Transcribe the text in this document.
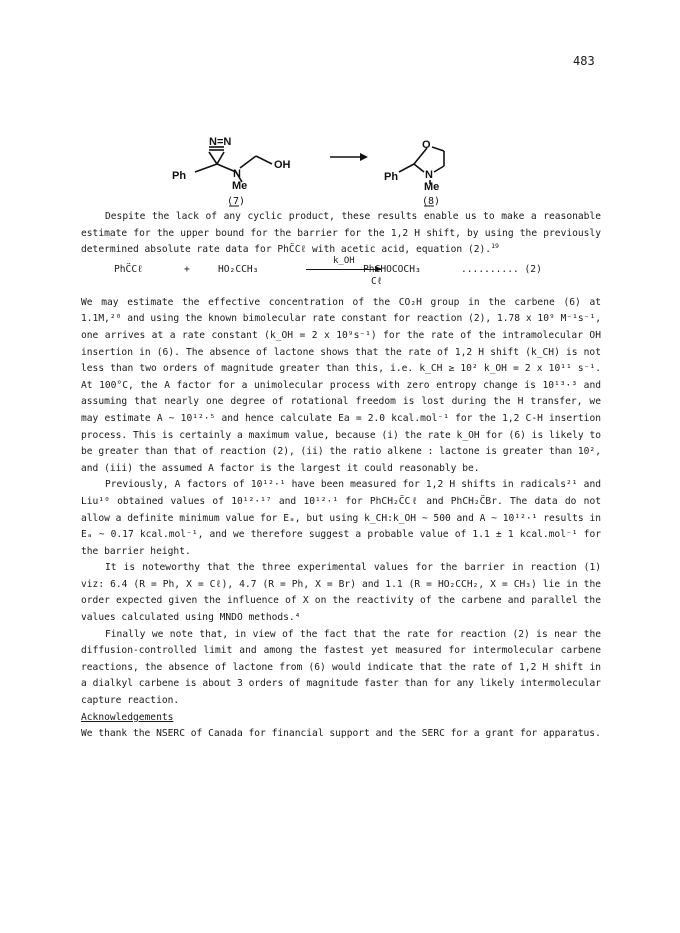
483
N=N
OH
Ph	N
Me
(7)
O
Ph N
Me
(8)

Despite the lack of any cyclic product, these results enable us to make a reasonable estimate for the upper bound for the barrier for the 1,2 H shift, by using the previously determined absolute rate data for PhC̈Cℓ with acetic acid, equation (2).$^{19}$

PhC̈Cℓ	+	HO₂CCH₃
k_OH
PhCHOCOCH₃
Cℓ
.......... (2)

We may estimate the effective concentration of the CO₂H group in the carbene (6) at 1.1M,²⁰ and using the known bimolecular rate constant for reaction (2), 1.78 x 10⁹ M⁻¹s⁻¹, one arrives at a rate constant (k_OH = 2 x 10⁹s⁻¹) for the rate of the intramolecular OH insertion in (6). The absence of lactone shows that the rate of 1,2 H shift (k_CH) is not less than two orders of magnitude greater than this, i.e. k_CH ≥ 10² k_OH = 2 x 10¹¹ s⁻¹. At 100°C, the A factor for a unimolecular process with zero entropy change is 10¹³·³ and assuming that nearly one degree of rotational freedom is lost during the H transfer, we may estimate A ~ 10¹²·⁵ and hence calculate Ea = 2.0 kcal.mol⁻¹ for the 1,2 C-H insertion process. This is certainly a maximum value, because (i) the rate k_OH for (6) is likely to be greater than that of reaction (2), (ii) the ratio alkene : lactone is greater than 10², and (iii) the assumed A factor is the largest it could reasonably be.

Previously, A factors of 10¹²·¹ have been measured for 1,2 H shifts in radicals²¹ and Liu¹⁰ obtained values of 10¹²·¹⁷ and 10¹²·¹ for PhCH₂C̈Cℓ and PhCH₂C̈Br. The data do not allow a definite minimum value for Eₐ, but using k_CH:k_OH ~ 500 and A ~ 10¹²·¹ results in Eₐ ~ 0.17 kcal.mol⁻¹, and we therefore suggest a probable value of 1.1 ± 1 kcal.mol⁻¹ for the barrier height.

It is noteworthy that the three experimental values for the barrier in reaction (1) viz: 6.4 (R = Ph, X = Cℓ), 4.7 (R = Ph, X = Br) and 1.1 (R = HO₂CCH₂, X = CH₃) lie in the order expected given the influence of X on the reactivity of the carbene and parallel the values calculated using MNDO methods.⁴

Finally we note that, in view of the fact that the rate for reaction (2) is near the diffusion-controlled limit and among the fastest yet measured for intermolecular carbene reactions, the absence of lactone from (6) would indicate that the rate of 1,2 H shift in a dialkyl carbene is about 3 orders of magnitude faster than for any likely intermolecular capture reaction.

Acknowledgements

We thank the NSERC of Canada for financial support and the SERC for a grant for apparatus.
